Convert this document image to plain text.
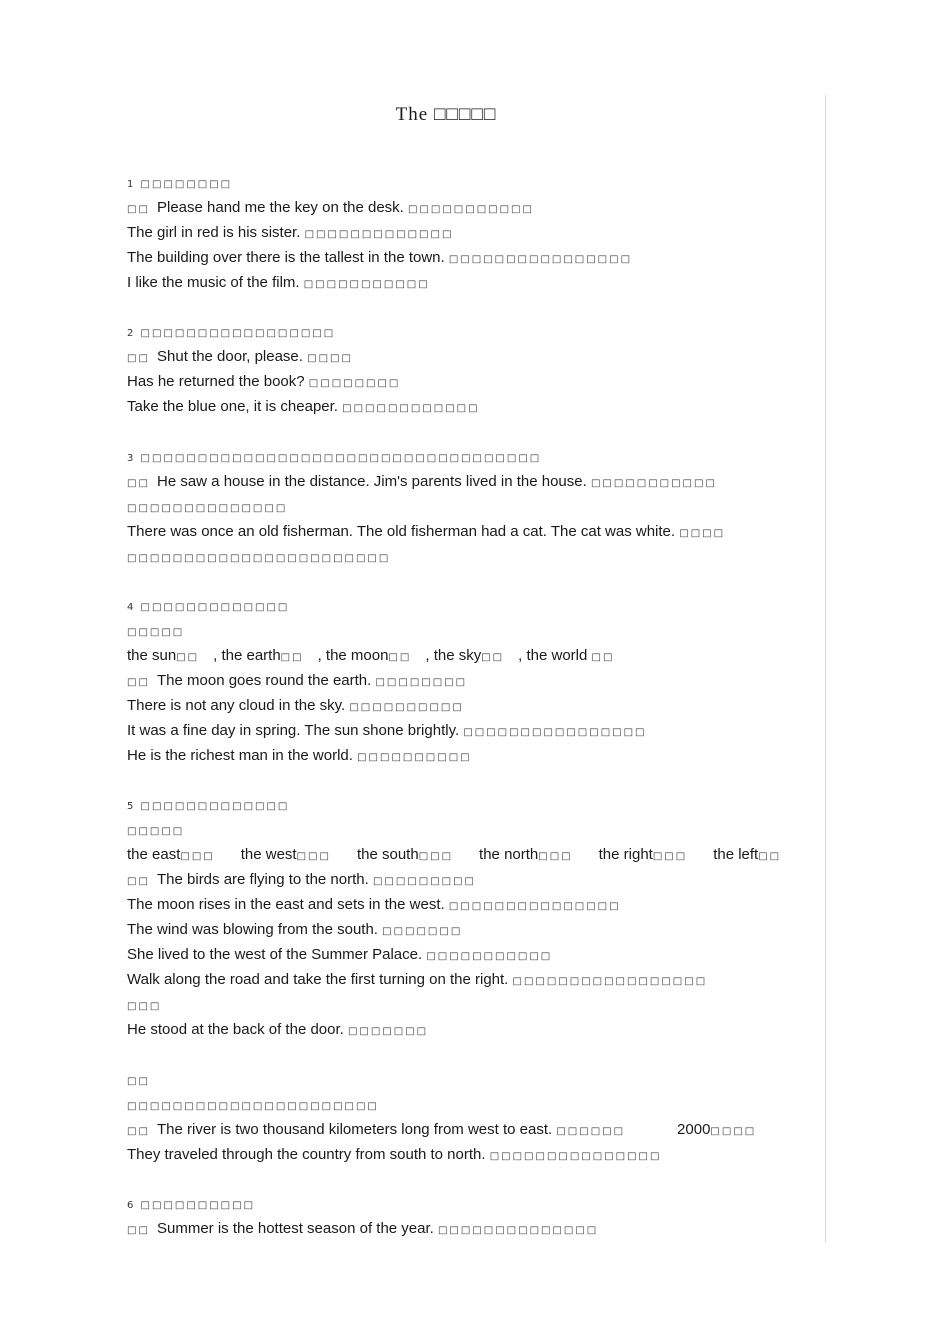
The □□□□□
1 □□□□□□□□
□□ Please hand me the key on the desk. □□□□□□□□□□□
The girl in red is his sister. □□□□□□□□□□□□□
The building over there is the tallest in the town. □□□□□□□□□□□□□□□□
I like the music of the film. □□□□□□□□□□□
2 □□□□□□□□□□□□□□□□□
□□ Shut the door, please. □□□□
Has he returned the book? □□□□□□□□
Take the blue one, it is cheaper. □□□□□□□□□□□□
3 □□□□□□□□□□□□□□□□□□□□□□□□□□□□□□□□□□□
□□ He saw a house in the distance. Jim's parents lived in the house. □□□□□□□□□□□
□□□□□□□□□□□□□□
There was once an old fisherman. The old fisherman had a cat. The cat was white. □□□□
□□□□□□□□□□□□□□□□□□□□□□□
4 □□□□□□□□□□□□□
□□□□□
the sun□□ , the earth□□ , the moon□□ , the sky□□ , the world □□
□□ The moon goes round the earth. □□□□□□□□
There is not any cloud in the sky. □□□□□□□□□□
It was a fine day in spring. The sun shone brightly. □□□□□□□□□□□□□□□□
He is the richest man in the world. □□□□□□□□□□
5 □□□□□□□□□□□□□
□□□□□
the east□□□ the west□□□ the south□□□ the north□□□ the right□□□ the left□□
□□ The birds are flying to the north. □□□□□□□□□
The moon rises in the east and sets in the west. □□□□□□□□□□□□□□□
The wind was blowing from the south. □□□□□□□
She lived to the west of the Summer Palace. □□□□□□□□□□□
Walk along the road and take the first turning on the right. □□□□□□□□□□□□□□□□□
□□□
He stood at the back of the door. □□□□□□□
□□
□□□□□□□□□□□□□□□□□□□□□□
□□ The river is two thousand kilometers long from west to east. □□□□□□	2000□□□□
They traveled through the country from south to north. □□□□□□□□□□□□□□□
6 □□□□□□□□□□
□□ Summer is the hottest season of the year. □□□□□□□□□□□□□□
